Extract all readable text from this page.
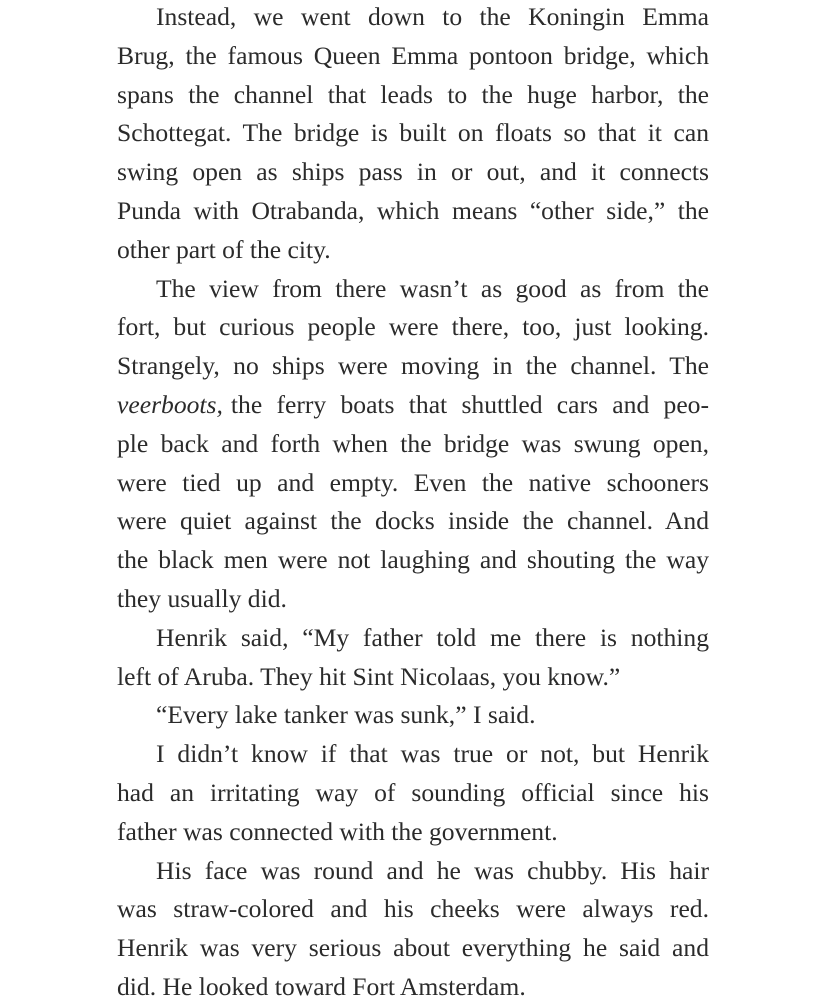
Instead, we went down to the Koningin Emma
Brug, the famous Queen Emma pontoon bridge, which
spans the channel that leads to the huge harbor, the
Schottegat. The bridge is built on floats so that it can
swing open as ships pass in or out, and it connects
Punda with Otrabanda, which means “other side,” the
other part of the city.
The view from there wasn’t as good as from the
fort, but curious people were there, too, just looking.
Strangely, no ships were moving in the channel. The
veerboots, the ferry boats that shuttled cars and peo-
ple back and forth when the bridge was swung open,
were tied up and empty. Even the native schooners
were quiet against the docks inside the channel. And
the black men were not laughing and shouting the way
they usually did.
Henrik said, “My father told me there is nothing
left of Aruba. They hit Sint Nicolaas, you know.”
“Every lake tanker was sunk,” I said.
I didn’t know if that was true or not, but Henrik
had an irritating way of sounding official since his
father was connected with the government.
His face was round and he was chubby. His hair
was straw-colored and his cheeks were always red.
Henrik was very serious about everything he said and
did. He looked toward Fort Amsterdam.
